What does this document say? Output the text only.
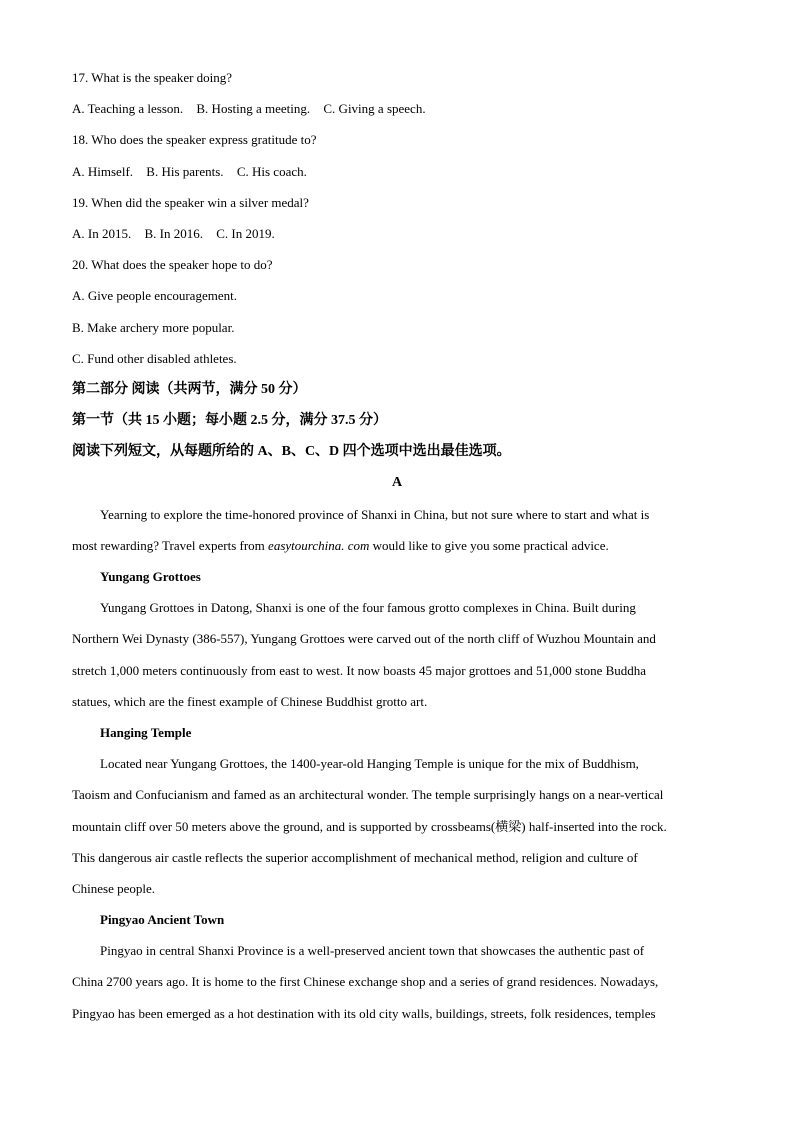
17. What is the speaker doing?
A. Teaching a lesson. B. Hosting a meeting. C. Giving a speech.
18. Who does the speaker express gratitude to?
A. Himself. B. His parents. C. His coach.
19. When did the speaker win a silver medal?
A. In 2015. B. In 2016. C. In 2019.
20. What does the speaker hope to do?
A. Give people encouragement.
B. Make archery more popular.
C. Fund other disabled athletes.
第二部分 阅读（共两节，满分 50 分）
第一节（共 15 小题；每小题 2.5 分，满分 37.5 分）
阅读下列短文，从每题所给的 A、B、C、D 四个选项中选出最佳选项。
A
Yearning to explore the time-honored province of Shanxi in China, but not sure where to start and what is
most rewarding? Travel experts from easytourchina. com would like to give you some practical advice.
Yungang Grottoes
Yungang Grottoes in Datong, Shanxi is one of the four famous grotto complexes in China. Built during
Northern Wei Dynasty (386-557), Yungang Grottoes were carved out of the north cliff of Wuzhou Mountain and
stretch 1,000 meters continuously from east to west. It now boasts 45 major grottoes and 51,000 stone Buddha
statues, which are the finest example of Chinese Buddhist grotto art.
Hanging Temple
Located near Yungang Grottoes, the 1400-year-old Hanging Temple is unique for the mix of Buddhism,
Taoism and Confucianism and famed as an architectural wonder. The temple surprisingly hangs on a near-vertical
mountain cliff over 50 meters above the ground, and is supported by crossbeams(横梁) half-inserted into the rock.
This dangerous air castle reflects the superior accomplishment of mechanical method, religion and culture of
Chinese people.
Pingyao Ancient Town
Pingyao in central Shanxi Province is a well-preserved ancient town that showcases the authentic past of
China 2700 years ago. It is home to the first Chinese exchange shop and a series of grand residences. Nowadays,
Pingyao has been emerged as a hot destination with its old city walls, buildings, streets, folk residences, temples
